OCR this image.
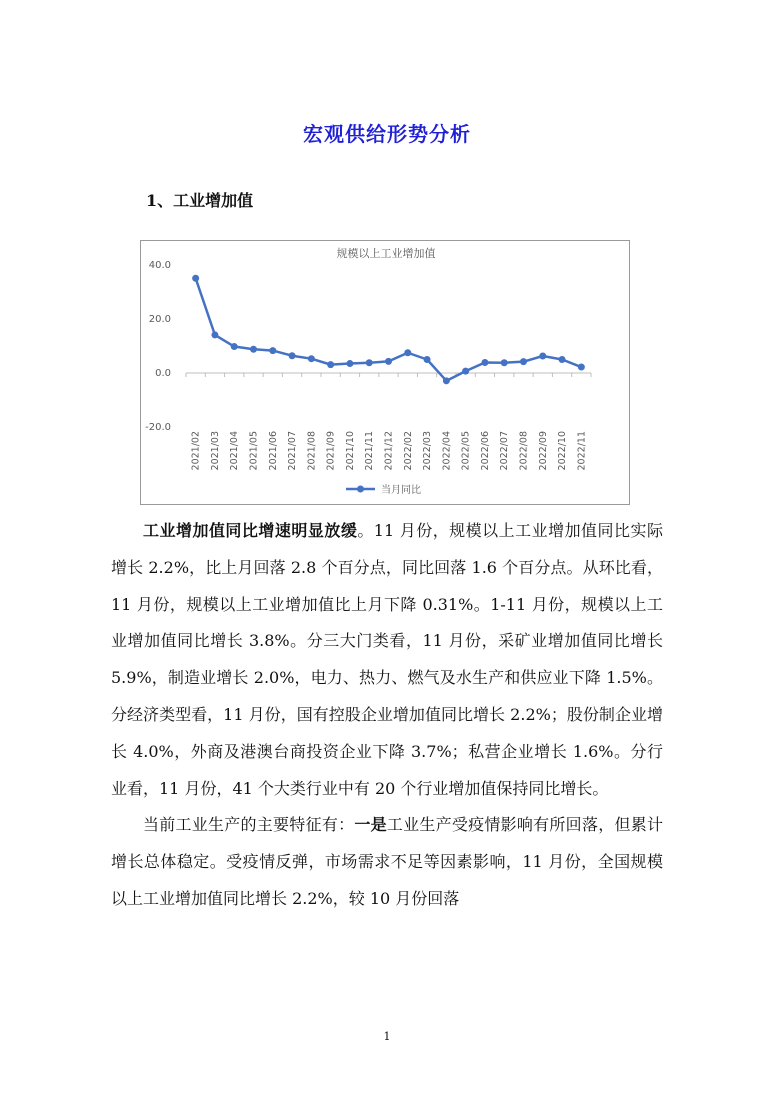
宏观供给形势分析
1、工业增加值
规模以上工业增加值
40.0
20.0
0.0
-20.0
2021/02 2021/03 2021/04 2021/05 2021/06 2021/07 2021/08 2021/09 2021/10 2021/11 2021/12 2022/02 2022/03 2022/04 2022/05 2022/06 2022/07 2022/08 2022/09 2022/10 2022/11
当月同比

工业增加值同比增速明显放缓。11 月份，规模以上工业增加值同比实际增长 2.2%，比上月回落 2.8 个百分点，同比回落 1.6 个百分点。从环比看，11 月份，规模以上工业增加值比上月下降 0.31%。1-11 月份，规模以上工业增加值同比增长 3.8%。分三大门类看，11 月份，采矿业增加值同比增长 5.9%，制造业增长 2.0%，电力、热力、燃气及水生产和供应业下降 1.5%。分经济类型看，11 月份，国有控股企业增加值同比增长 2.2%；股份制企业增长 4.0%，外商及港澳台商投资企业下降 3.7%；私营企业增长 1.6%。分行业看，11 月份，41 个大类行业中有 20 个行业增加值保持同比增长。

当前工业生产的主要特征有：一是工业生产受疫情影响有所回落，但累计增长总体稳定。受疫情反弹，市场需求不足等因素影响，11 月份，全国规模以上工业增加值同比增长 2.2%，较 10 月份回落

1
